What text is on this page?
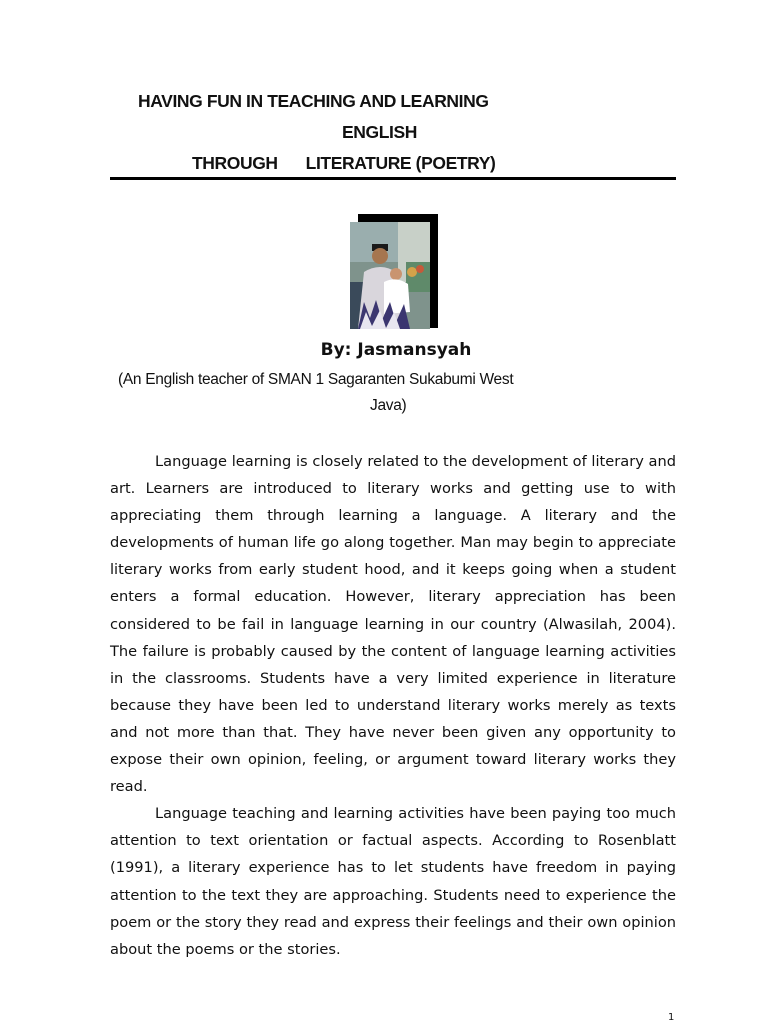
HAVING FUN IN TEACHING AND LEARNING
ENGLISH
THROUGH LITERATURE (POETRY)
By: Jasmansyah
(An English teacher of SMAN 1 Sagaranten Sukabumi West
Java)

Language learning is closely related to the development of literary and art. Learners are introduced to literary works and getting use to with appreciating them through learning a language. A literary and the developments of human life go along together. Man may begin to appreciate literary works from early student hood, and it keeps going when a student enters a formal education. However, literary appreciation has been considered to be fail in language learning in our country (Alwasilah, 2004). The failure is probably caused by the content of language learning activities in the classrooms. Students have a very limited experience in literature because they have been led to understand literary works merely as texts and not more than that. They have never been given any opportunity to expose their own opinion, feeling, or argument toward literary works they read.

Language teaching and learning activities have been paying too much attention to text orientation or factual aspects. According to Rosenblatt (1991), a literary experience has to let students have freedom in paying attention to the text they are approaching. Students need to experience the poem or the story they read and express their feelings and their own opinion about the poems or the stories.

1
